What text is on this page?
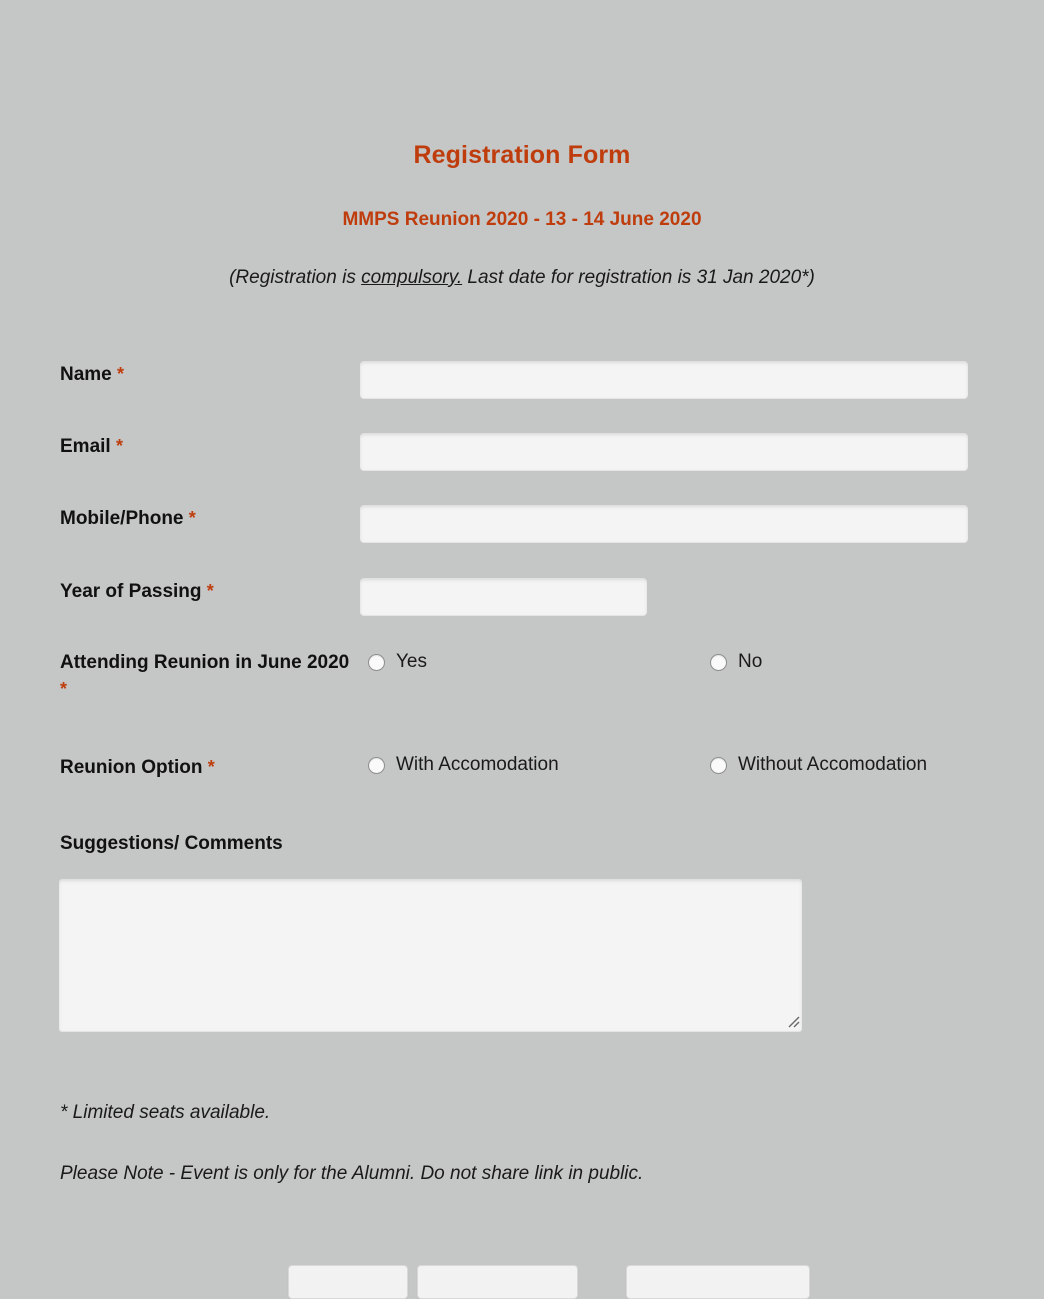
Registration Form
MMPS Reunion 2020 - 13 - 14 June 2020
(Registration is compulsory. Last date for registration is 31 Jan 2020*)
Name *
Email *
Mobile/Phone *
Year of Passing *
Attending Reunion in June 2020 *
Yes	No
Reunion Option *	With Accomodation	Without Accomodation
Suggestions/ Comments
* Limited seats available.
Please Note - Event is only for the Alumni. Do not share link in public.
